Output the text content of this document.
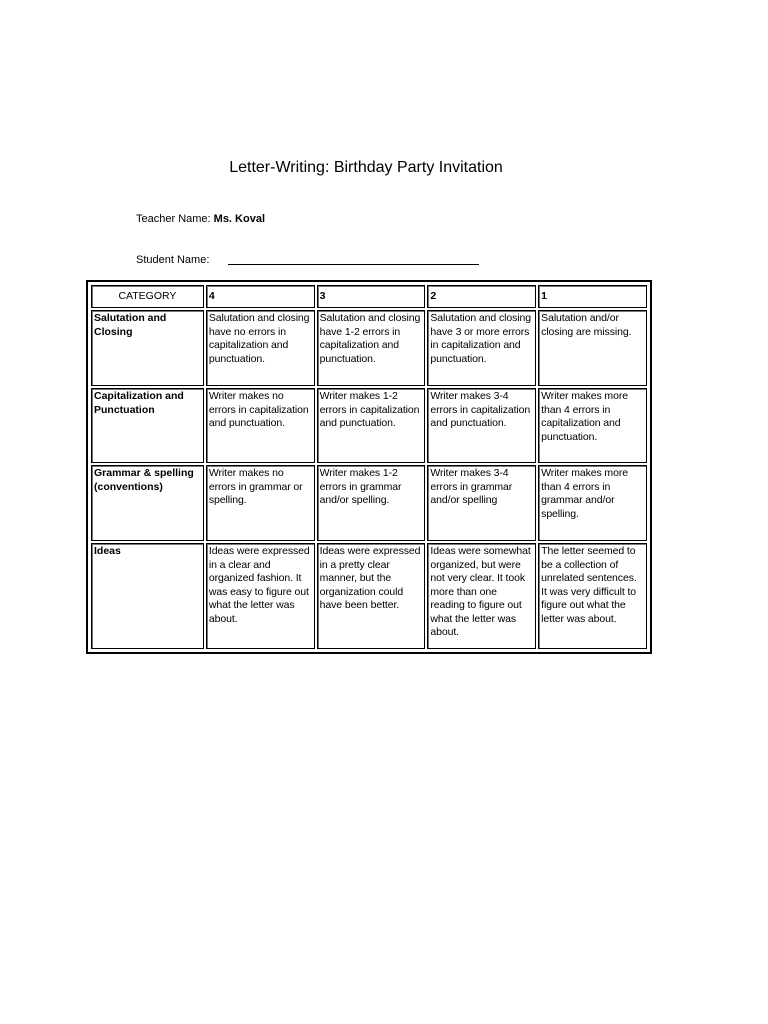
Letter-Writing: Birthday Party Invitation
Teacher Name: Ms. Koval
Student Name:
CATEGORY	4	3	2	1
Salutation and Closing	Salutation and closing have no errors in capitalization and punctuation.	Salutation and closing have 1-2 errors in capitalization and punctuation.	Salutation and closing have 3 or more errors in capitalization and punctuation.	Salutation and/or closing are missing.
Capitalization and Punctuation	Writer makes no errors in capitalization and punctuation.	Writer makes 1-2 errors in capitalization and punctuation.	Writer makes 3-4 errors in capitalization and punctuation.	Writer makes more than 4 errors in capitalization and punctuation.
Grammar & spelling (conventions)	Writer makes no errors in grammar or spelling.	Writer makes 1-2 errors in grammar and/or spelling.	Writer makes 3-4 errors in grammar and/or spelling	Writer makes more than 4 errors in grammar and/or spelling.
Ideas	Ideas were expressed in a clear and organized fashion. It was easy to figure out what the letter was about.	Ideas were expressed in a pretty clear manner, but the organization could have been better.	Ideas were somewhat organized, but were not very clear. It took more than one reading to figure out what the letter was about.	The letter seemed to be a collection of unrelated sentences. It was very difficult to figure out what the letter was about.
